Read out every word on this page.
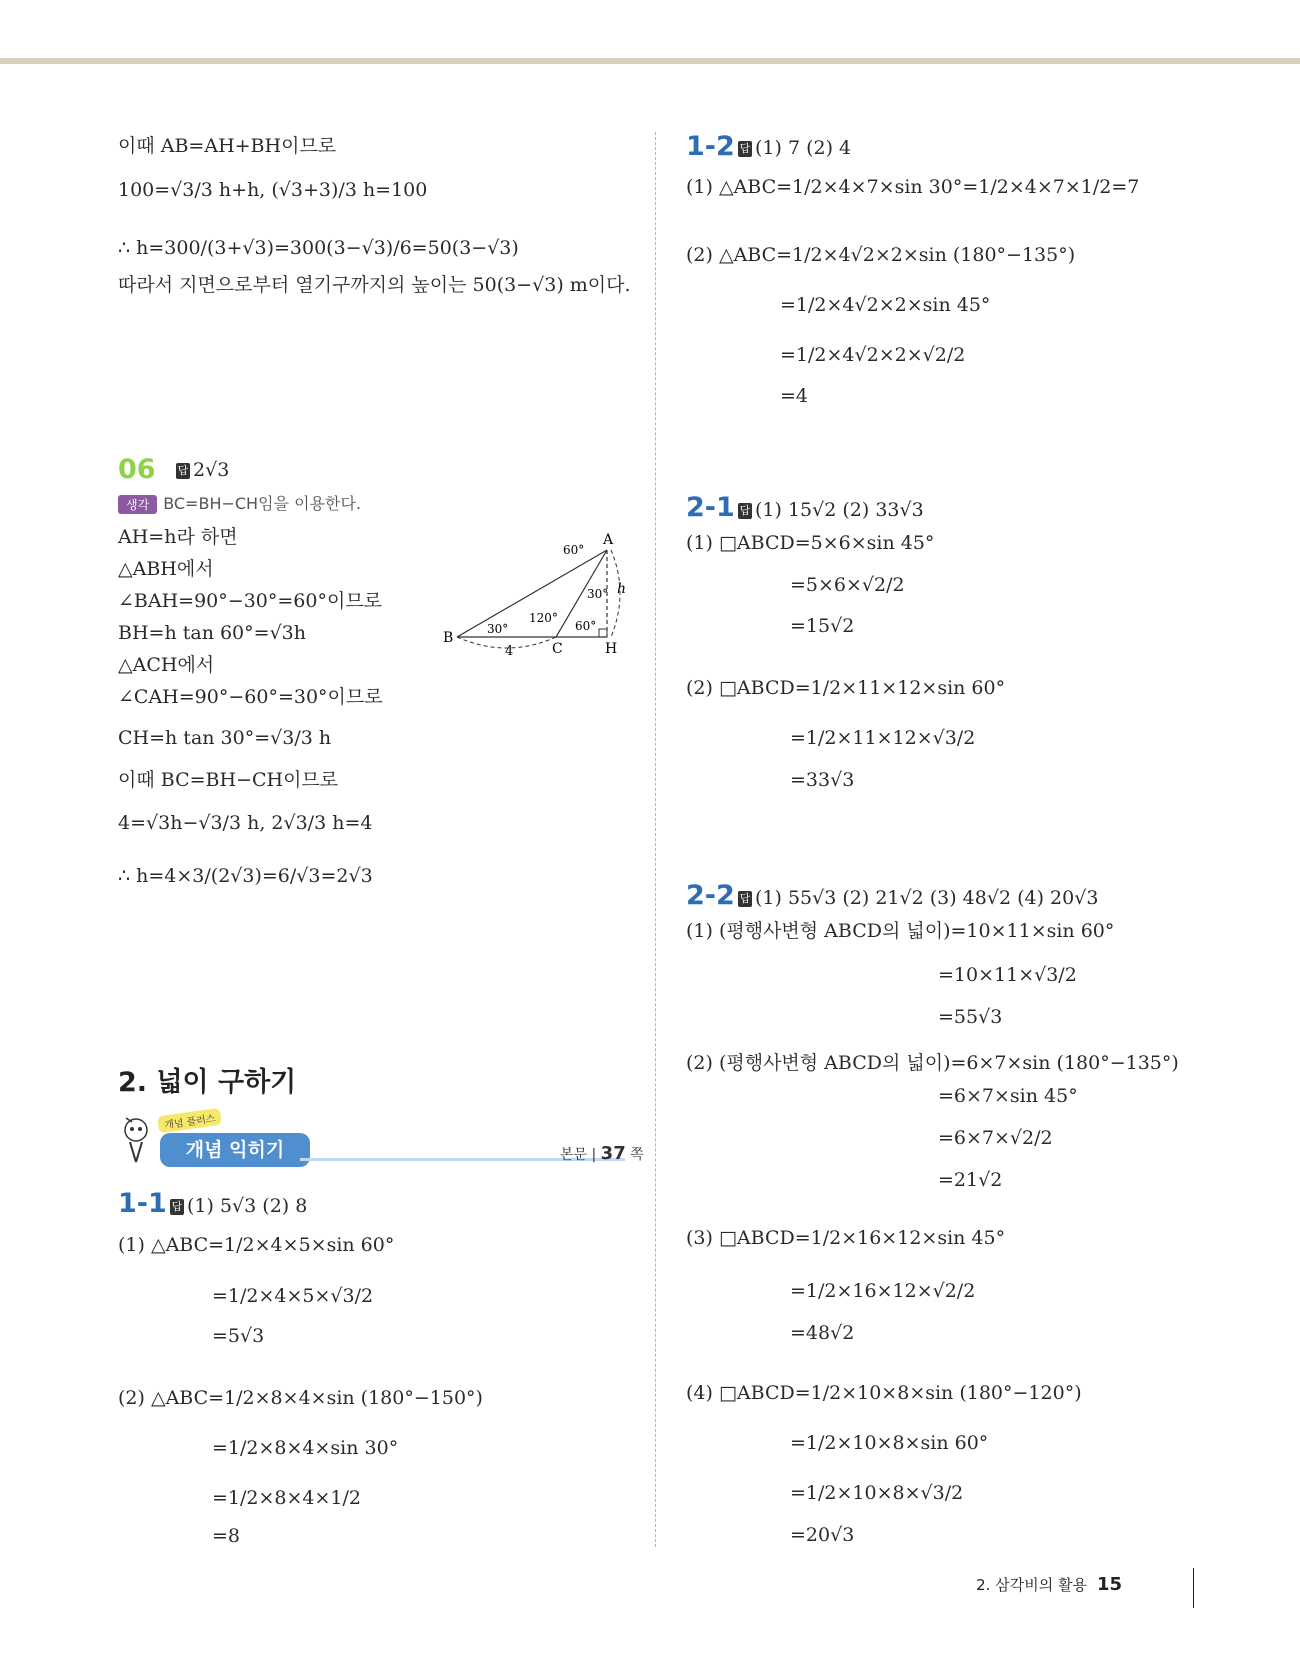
이때 AB=AH+BH이므로
100=√3/3 h+h, (√3+3)/3 h=100
∴ h=300/(3+√3)=300(3−√3)/6=50(3−√3)
따라서 지면으로부터 열기구까지의 높이는 50(3−√3) m이다.
06 답 2√3
생각 BC=BH−CH임을 이용한다.
AH=h라 하면
△ABH에서
∠BAH=90°−30°=60°이므로
BH=h tan 60°=√3h
△ACH에서
∠CAH=90°−60°=30°이므로
CH=h tan 30°=√3/3 h
이때 BC=BH−CH이므로
4=√3h−√3/3 h, 2√3/3 h=4
∴ h=4×3/(2√3)=6/√3=2√3
A
B
C	H
h
60°
30°
30°
120°
60°
4
2. 넓이 구하기
개념 플러스
개념 익히기	본문 | 37 쪽
1-1 답 (1) 5√3 (2) 8
(1) △ABC=1/2×4×5×sin 60°
=1/2×4×5×√3/2
=5√3
(2) △ABC=1/2×8×4×sin (180°−150°)
=1/2×8×4×sin 30°
=1/2×8×4×1/2
=8
1-2 답 (1) 7 (2) 4
(1) △ABC=1/2×4×7×sin 30°=1/2×4×7×1/2=7
(2) △ABC=1/2×4√2×2×sin (180°−135°)
=1/2×4√2×2×sin 45°
=1/2×4√2×2×√2/2
=4
2-1 답 (1) 15√2 (2) 33√3
(1) □ABCD=5×6×sin 45°
=5×6×√2/2
=15√2
(2) □ABCD=1/2×11×12×sin 60°
=1/2×11×12×√3/2
=33√3
2-2 답 (1) 55√3 (2) 21√2 (3) 48√2 (4) 20√3
(1) (평행사변형 ABCD의 넓이)=10×11×sin 60°
=10×11×√3/2
=55√3
(2) (평행사변형 ABCD의 넓이)=6×7×sin (180°−135°)
=6×7×sin 45°
=6×7×√2/2
=21√2
(3) □ABCD=1/2×16×12×sin 45°
=1/2×16×12×√2/2
=48√2
(4) □ABCD=1/2×10×8×sin (180°−120°)
=1/2×10×8×sin 60°
=1/2×10×8×√3/2
=20√3
2. 삼각비의 활용 15
